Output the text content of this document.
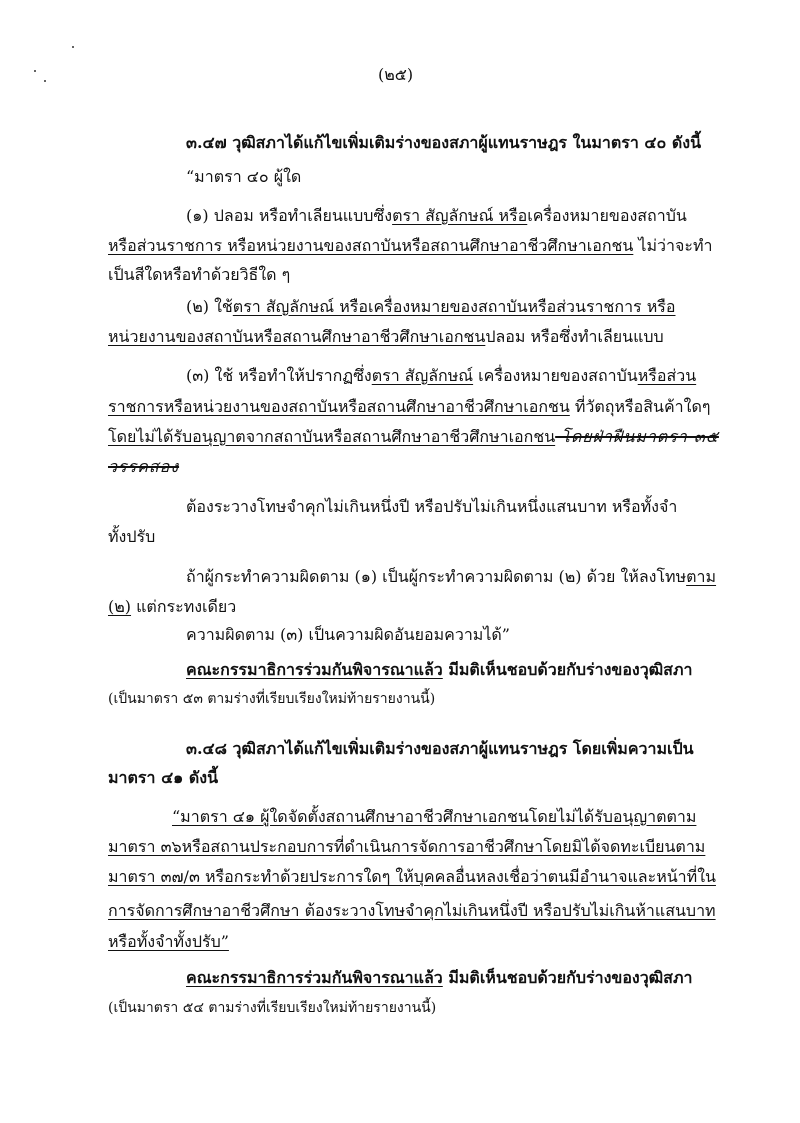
(๒๕)
๓.๔๗ วุฒิสภาได้แก้ไขเพิ่มเติมร่างของสภาผู้แทนราษฎร ในมาตรา ๔๐ ดังนี้
“มาตรา ๔๐ ผู้ใด
(๑) ปลอม หรือทำเลียนแบบซึ่งตรา สัญลักษณ์ หรือเครื่องหมายของสถาบัน
หรือส่วนราชการ หรือหน่วยงานของสถาบันหรือสถานศึกษาอาชีวศึกษาเอกชน ไม่ว่าจะทำ
เป็นสีใดหรือทำด้วยวิธีใด ๆ
(๒) ใช้ตรา สัญลักษณ์ หรือเครื่องหมายของสถาบันหรือส่วนราชการ หรือ
หน่วยงานของสถาบันหรือสถานศึกษาอาชีวศึกษาเอกชนปลอม หรือซึ่งทำเลียนแบบ
(๓) ใช้ หรือทำให้ปรากฏซึ่งตรา สัญลักษณ์ เครื่องหมายของสถาบันหรือส่วน
ราชการหรือหน่วยงานของสถาบันหรือสถานศึกษาอาชีวศึกษาเอกชน ที่วัตถุหรือสินค้าใดๆ
โดยไม่ได้รับอนุญาตจากสถาบันหรือสถานศึกษาอาชีวศึกษาเอกชน โดยฝ่าฝืนมาตรา ๓๕
วรรคสอง
ต้องระวางโทษจำคุกไม่เกินหนึ่งปี หรือปรับไม่เกินหนึ่งแสนบาท หรือทั้งจำ
ทั้งปรับ
ถ้าผู้กระทำความผิดตาม (๑) เป็นผู้กระทำความผิดตาม (๒) ด้วย ให้ลงโทษตาม
(๒) แต่กระทงเดียว
ความผิดตาม (๓) เป็นความผิดอันยอมความได้”
คณะกรรมาธิการร่วมกันพิจารณาแล้ว มีมติเห็นชอบด้วยกับร่างของวุฒิสภา
(เป็นมาตรา ๕๓ ตามร่างที่เรียบเรียงใหม่ท้ายรายงานนี้)
๓.๔๘ วุฒิสภาได้แก้ไขเพิ่มเติมร่างของสภาผู้แทนราษฎร โดยเพิ่มความเป็น
มาตรา ๔๑ ดังนี้
“มาตรา ๔๑ ผู้ใดจัดตั้งสถานศึกษาอาชีวศึกษาเอกชนโดยไม่ได้รับอนุญาตตาม
มาตรา ๓๖หรือสถานประกอบการที่ดำเนินการจัดการอาชีวศึกษาโดยมิได้จดทะเบียนตาม
มาตรา ๓๗/๓ หรือกระทำด้วยประการใดๆ ให้บุคคลอื่นหลงเชื่อว่าตนมีอำนาจและหน้าที่ใน
การจัดการศึกษาอาชีวศึกษา ต้องระวางโทษจำคุกไม่เกินหนึ่งปี หรือปรับไม่เกินห้าแสนบาท
หรือทั้งจำทั้งปรับ”
คณะกรรมาธิการร่วมกันพิจารณาแล้ว มีมติเห็นชอบด้วยกับร่างของวุฒิสภา
(เป็นมาตรา ๕๔ ตามร่างที่เรียบเรียงใหม่ท้ายรายงานนี้)
